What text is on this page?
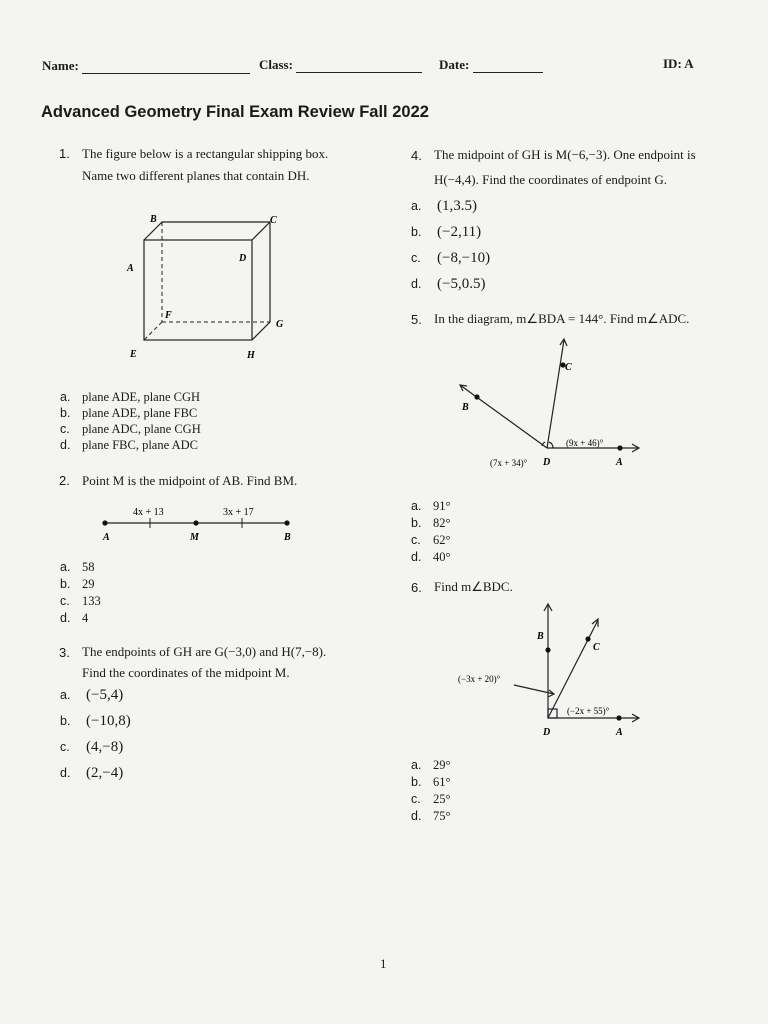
Name:	Class:	Date:	ID: A
Advanced Geometry Final Exam Review Fall 2022
1. The figure below is a rectangular shipping box.
Name two different planes that contain DH.
B	C
A
D
F
G
E	H
a. plane ADE, plane CGH
b. plane ADE, plane FBC
c. plane ADC, plane CGH
d. plane FBC, plane ADC
2. Point M is the midpoint of AB. Find BM.
4x + 13	3x + 17
A	M	B
a. 58
b. 29
c. 133
d. 4
3. The endpoints of GH are G(−3,0) and H(7,−8).
Find the coordinates of the midpoint M.
a. (−5,4)
b. (−10,8)
c. (4,−8)
d. (2,−4)
4. The midpoint of GH is M(−6,−3). One endpoint is
H(−4,4). Find the coordinates of endpoint G.
a. (1,3.5)
b. (−2,11)
c. (−8,−10)
d. (−5,0.5)
5. In the diagram, m∠BDA = 144°. Find m∠ADC.
C
B
(9x + 46)°
(7x + 34)° D	A
a. 91°
b. 82°
c. 62°
d. 40°
6. Find m∠BDC.
B
C
(−3x + 20)°
(−2x + 55)°
D	A
a. 29°
b. 61°
c. 25°
d. 75°
1
